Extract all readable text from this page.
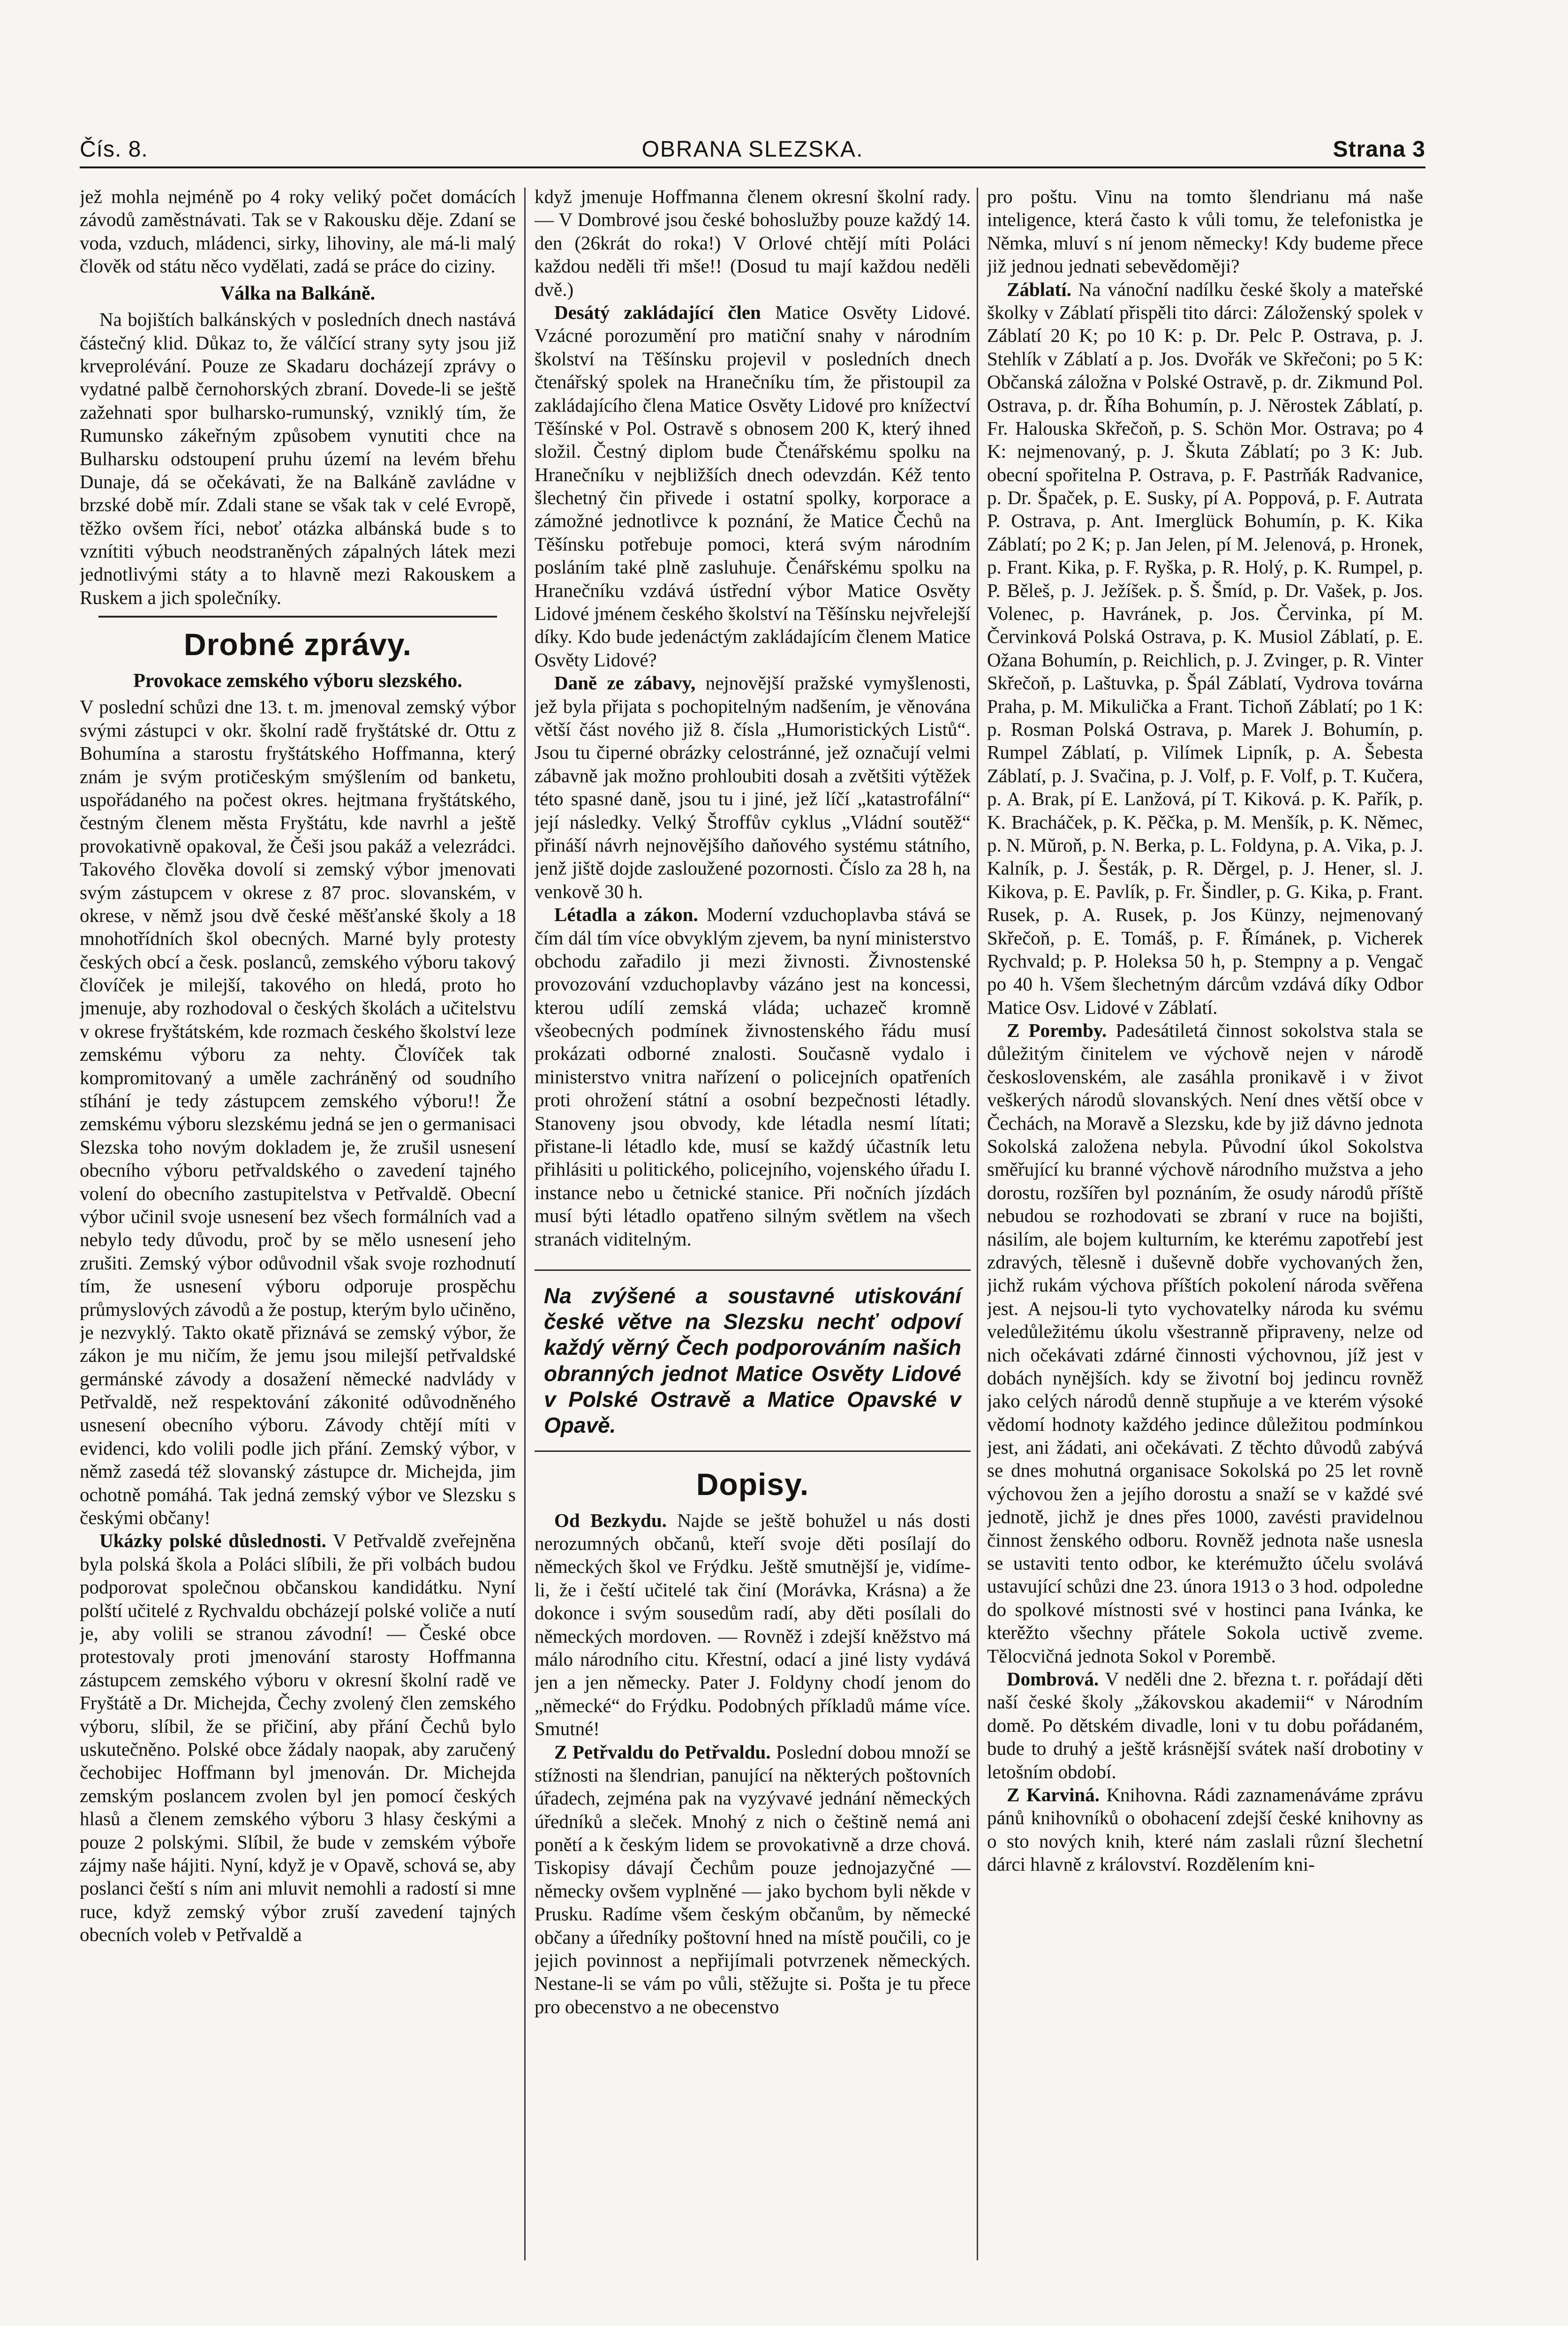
Čís. 8.	OBRANA SLEZSKA.	Strana 3

jež mohla nejméně po 4 roky veliký počet domácích závodů zaměstnávati. Tak se v Rakousku děje. Zdaní se voda, vzduch, mládenci, sirky, lihoviny, ale má-li malý člověk od státu něco vydělati, zadá se práce do ciziny.

Válka na Balkáně.

Na bojištích balkánských v posledních dnech nastává částečný klid. Důkaz to, že válčící strany syty jsou již krveprolévání. Pouze ze Skadaru docházejí zprávy o vydatné palbě černohorských zbraní. Dovede-li se ještě zažehnati spor bulharsko-rumunský, vzniklý tím, že Rumunsko zákeřným způsobem vynutiti chce na Bulharsku odstoupení pruhu území na levém břehu Dunaje, dá se očekávati, že na Balkáně zavládne v brzské době mír. Zdali stane se však tak v celé Evropě, těžko ovšem říci, neboť otázka albánská bude s to vznítiti výbuch neodstraněných zápalných látek mezi jednotlivými státy a to hlavně mezi Rakouskem a Ruskem a jich společníky.

Drobné zprávy.
Provokace zemského výboru slezského.

V poslední schůzi dne 13. t. m. jmenoval zemský výbor svými zástupci v okr. školní radě fryštátské dr. Ottu z Bohumína a starostu fryštátského Hoffmanna, který znám je svým protičeským smýšlením od banketu, uspořádaného na počest okres. hejtmana fryštátského, čestným členem města Fryštátu, kde navrhl a ještě provokativně opakoval, že Češi jsou pakáž a velezrádci. Takového člověka dovolí si zemský výbor jmenovati svým zástupcem v okrese z 87 proc. slovanském, v okrese, v němž jsou dvě české měšťanské školy a 18 mnohotřídních škol obecných. Marné byly protesty českých obcí a česk. poslanců, zemského výboru takový človíček je milejší, takového on hledá, proto ho jmenuje, aby rozhodoval o českých školách a učitelstvu v okrese fryštátském, kde rozmach českého školství leze zemskému výboru za nehty. Človíček tak kompromitovaný a uměle zachráněný od soudního stíhání je tedy zástupcem zemského výboru!! Že zemskému výboru slezskému jedná se jen o germanisaci Slezska toho novým dokladem je, že zrušil usnesení obecního výboru petřvaldského o zavedení tajného volení do obecního zastupitelstva v Petřvaldě. Obecní výbor učinil svoje usnesení bez všech formálních vad a nebylo tedy důvodu, proč by se mělo usnesení jeho zrušiti. Zemský výbor odůvodnil však svoje rozhodnutí tím, že usnesení výboru odporuje prospěchu průmyslových závodů a že postup, kterým bylo učiněno, je nezvyklý. Takto okatě přiznává se zemský výbor, že zákon je mu ničím, že jemu jsou milejší petřvaldské germánské závody a dosažení německé nadvlády v Petřvaldě, než respektování zákonité odůvodněného usnesení obecního výboru. Závody chtějí míti v evidenci, kdo volili podle jich přání. Zemský výbor, v němž zasedá též slovanský zástupce dr. Michejda, jim ochotně pomáhá. Tak jedná zemský výbor ve Slezsku s českými občany!

Ukázky polské důslednosti. V Petřvaldě zveřejněna byla polská škola a Poláci slíbili, že při volbách budou podporovat společnou občanskou kandidátku. Nyní polští učitelé z Rychvaldu obcházejí polské voliče a nutí je, aby volili se stranou závodní! — České obce protestovaly proti jmenování starosty Hoffmanna zástupcem zemského výboru v okresní školní radě ve Fryštátě a Dr. Michejda, Čechy zvolený člen zemského výboru, slíbil, že se přičiní, aby přání Čechů bylo uskutečněno. Polské obce žádaly naopak, aby zaručený čechobijec Hoffmann byl jmenován. Dr. Michejda zemským poslancem zvolen byl jen pomocí českých hlasů a členem zemského výboru 3 hlasy českými a pouze 2 polskými. Slíbil, že bude v zemském výboře zájmy naše hájiti. Nyní, když je v Opavě, schová se, aby poslanci čeští s ním ani mluvit nemohli a radostí si mne ruce, když zemský výbor zruší zavedení tajných obecních voleb v Petřvaldě a

když jmenuje Hoffmanna členem okresní školní rady. — V Dombrové jsou české bohoslužby pouze každý 14. den (26krát do roka!) V Orlové chtějí míti Poláci každou neděli tři mše!! (Dosud tu mají každou neděli dvě.)

Desátý zakládající člen Matice Osvěty Lidové. Vzácné porozumění pro matiční snahy v národním školství na Těšínsku projevil v posledních dnech čtenářský spolek na Hranečníku tím, že přistoupil za zakládajícího člena Matice Osvěty Lidové pro knížectví Těšínské v Pol. Ostravě s obnosem 200 K, který ihned složil. Čestný diplom bude Čtenářskému spolku na Hranečníku v nejbližších dnech odevzdán. Kéž tento šlechetný čin přivede i ostatní spolky, korporace a zámožné jednotlivce k poznání, že Matice Čechů na Těšínsku potřebuje pomoci, která svým národním posláním také plně zasluhuje. Čenářskému spolku na Hranečníku vzdává ústřední výbor Matice Osvěty Lidové jménem českého školství na Těšínsku nejvřelejší díky. Kdo bude jedenáctým zakládajícím členem Matice Osvěty Lidové?

Daně ze zábavy, nejnovější pražské vymyšlenosti, jež byla přijata s pochopitelným nadšením, je věnována větší část nového již 8. čísla „Humoristických Listů“. Jsou tu čiperné obrázky celostránné, jež označují velmi zábavně jak možno prohloubiti dosah a zvětšiti výtěžek této spasné daně, jsou tu i jiné, jež líčí „katastrofální“ její následky. Velký Štroffův cyklus „Vládní soutěž“ přináší návrh nejnovějšího daňového systému státního, jenž jiště dojde zasloužené pozornosti. Číslo za 28 h, na venkově 30 h.

Létadla a zákon. Moderní vzduchoplavba stává se čím dál tím více obvyklým zjevem, ba nyní ministerstvo obchodu zařadilo ji mezi živnosti. Živnostenské provozování vzduchoplavby vázáno jest na koncessi, kterou udílí zemská vláda; uchazeč kromně všeobecných podmínek živnostenského řádu musí prokázati odborné znalosti. Současně vydalo i ministerstvo vnitra nařízení o policejních opatřeních proti ohrožení státní a osobní bezpečnosti létadly. Stanoveny jsou obvody, kde létadla nesmí lítati; přistane-li létadlo kde, musí se každý účastník letu přihlásiti u politického, policejního, vojenského úřadu I. instance nebo u četnické stanice. Při nočních jízdách musí býti létadlo opatřeno silným světlem na všech stranách viditelným.

Na zvýšené a soustavné utiskování české větve na Slezsku nechť odpoví každý věrný Čech podporováním našich obranných jednot Matice Osvěty Lidové v Polské Ostravě a Matice Opavské v Opavě.
Dopisy.

Od Bezkydu. Najde se ještě bohužel u nás dosti nerozumných občanů, kteří svoje děti posílají do německých škol ve Frýdku. Ještě smutnější je, vidíme-li, že i čeští učitelé tak činí (Morávka, Krásna) a že dokonce i svým sousedům radí, aby děti posílali do německých mordoven. — Rovněž i zdejší kněžstvo má málo národního citu. Křestní, odací a jiné listy vydává jen a jen německy. Pater J. Foldyny chodí jenom do „německé“ do Frýdku. Podobných příkladů máme více. Smutné!

Z Petřvaldu do Petřvaldu. Poslední dobou množí se stížnosti na šlendrian, panující na některých poštovních úřadech, zejména pak na vyzývavé jednání německých úředníků a sleček. Mnohý z nich o češtině nemá ani ponětí a k českým lidem se provokativně a drze chová. Tiskopisy dávají Čechům pouze jednojazyčné — německy ovšem vyplněné — jako bychom byli někde v Prusku. Radíme všem českým občanům, by německé občany a úředníky poštovní hned na místě poučili, co je jejich povinnost a nepřijímali potvrzenek německých. Nestane-li se vám po vůli, stěžujte si. Pošta je tu přece pro obecenstvo a ne obecenstvo

pro poštu. Vinu na tomto šlendrianu má naše inteligence, která často k vůli tomu, že telefonistka je Němka, mluví s ní jenom německy! Kdy budeme přece již jednou jednati sebevědoměji?

Záblatí. Na vánoční nadílku české školy a mateřské školky v Záblatí přispěli tito dárci: Záloženský spolek v Záblatí 20 K; po 10 K: p. Dr. Pelc P. Ostrava, p. J. Stehlík v Záblatí a p. Jos. Dvořák ve Skřečoni; po 5 K: Občanská záložna v Polské Ostravě, p. dr. Zikmund Pol. Ostrava, p. dr. Říha Bohumín, p. J. Nĕrostek Záblatí, p. Fr. Halouska Skřečoň, p. S. Schön Mor. Ostrava; po 4 K: nejmenovaný, p. J. Škuta Záblatí; po 3 K: Jub. obecní spořitelna P. Ostrava, p. F. Pastrňák Radvanice, p. Dr. Špaček, p. E. Susky, pí A. Poppová, p. F. Autrata P. Ostrava, p. Ant. Imerglück Bohumín, p. K. Kika Záblatí; po 2 K; p. Jan Jelen, pí M. Jelenová, p. Hronek, p. Frant. Kika, p. F. Ryška, p. R. Holý, p. K. Rumpel, p. P. Běleš, p. J. Ježíšek. p. Š. Šmíd, p. Dr. Vašek, p. Jos. Volenec, p. Havránek, p. Jos. Červinka, pí M. Červinková Polská Ostrava, p. K. Musiol Záblatí, p. E. Ožana Bohumín, p. Reichlich, p. J. Zvinger, p. R. Vinter Skřečoň, p. Laštuvka, p. Špál Záblatí, Vydrova továrna Praha, p. M. Mikulička a Frant. Tichoň Záblatí; po 1 K: p. Rosman Polská Ostrava, p. Marek J. Bohumín, p. Rumpel Záblatí, p. Vilímek Lipník, p. A. Šebesta Záblatí, p. J. Svačina, p. J. Volf, p. F. Volf, p. T. Kučera, p. A. Brak, pí E. Lanžová, pí T. Kiková. p. K. Pařík, p. K. Bracháček, p. K. Pěčka, p. M. Menšík, p. K. Němec, p. N. Mŭroň, p. N. Berka, p. L. Foldyna, p. A. Vika, p. J. Kalník, p. J. Šesták, p. R. Děrgel, p. J. Hener, sl. J. Kikova, p. E. Pavlík, p. Fr. Šindler, p. G. Kika, p. Frant. Rusek, p. A. Rusek, p. Jos Künzy, nejmenovaný Skřečoň, p. E. Tomáš, p. F. Římánek, p. Vicherek Rychvald; p. P. Holeksa 50 h, p. Stempny a p. Vengač po 40 h. Všem šlechetným dárcům vzdává díky Odbor Matice Osv. Lidové v Záblatí.

Z Poremby. Padesátiletá činnost sokolstva stala se důležitým činitelem ve výchově nejen v národě československém, ale zasáhla pronikavě i v život veškerých národů slovanských. Není dnes větší obce v Čechách, na Moravě a Slezsku, kde by již dávno jednota Sokolská založena nebyla. Původní úkol Sokolstva směřující ku branné výchově národního mužstva a jeho dorostu, rozšířen byl poznáním, že osudy národů příště nebudou se rozhodovati se zbraní v ruce na bojišti, násilím, ale bojem kulturním, ke kterému zapotřebí jest zdravých, tělesně i duševně dobře vychovaných žen, jichž rukám výchova příštích pokolení národa svěřena jest. A nejsou-li tyto vychovatelky národa ku svému veledůležitému úkolu všestranně připraveny, nelze od nich očekávati zdárné činnosti výchovnou, jíž jest v dobách nynějších. kdy se životní boj jedincu rovněž jako celých národů denně stupňuje a ve kterém výsoké vědomí hodnoty každého jedince důležitou podmínkou jest, ani žádati, ani očekávati. Z těchto důvodů zabývá se dnes mohutná organisace Sokolská po 25 let rovně výchovou žen a jejího dorostu a snaží se v každé své jednotě, jichž je dnes přes 1000, zavésti pravidelnou činnost ženského odboru. Rovněž jednota naše usnesla se ustaviti tento odbor, ke kterémužto účelu svolává ustavující schůzi dne 23. února 1913 o 3 hod. odpoledne do spolkové místnosti své v hostinci pana Ivánka, ke kterěžto všechny přátele Sokola uctivě zveme. Tělocvičná jednota Sokol v Porembě.

Dombrová. V neděli dne 2. března t. r. pořádají děti naší české školy „žákovskou akademii“ v Národním domě. Po dětském divadle, loni v tu dobu pořádaném, bude to druhý a ještě krásnější svátek naší drobotiny v letošním období.

Z Karviná. Knihovna. Rádi zaznamenáváme zprávu pánů knihovníků o obohacení zdejší české knihovny as o sto nových knih, které nám zaslali různí šlechetní dárci hlavně z království. Rozdělením kni-
